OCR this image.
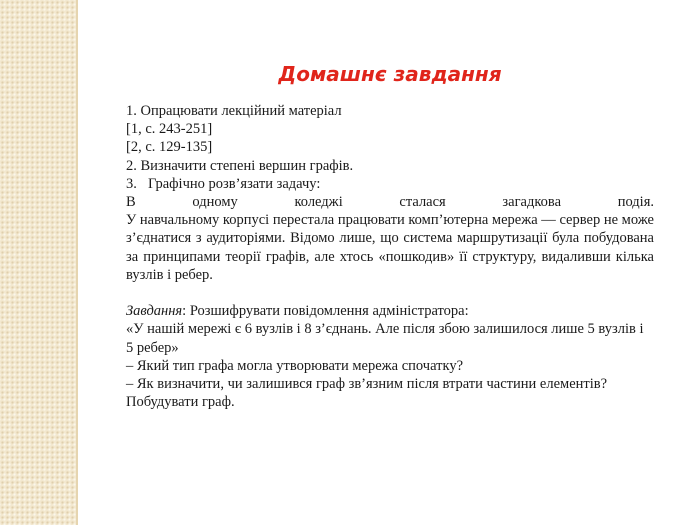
Домашнє завдання

1. Опрацювати лекційний матеріал

[1, с. 243-251]

[2, с. 129-135]

2. Визначити степені вершин графів.

3. Графічно розв’язати задачу:

В одному коледжі сталася загадкова подія.

У навчальному корпусі перестала працювати комп’ютерна мережа — сервер не може з’єднатися з аудиторіями. Відомо лише, що система маршрутизації була побудована за принципами теорії графів, але хтось «пошкодив» її структуру, видаливши кілька вузлів і ребер.

Завдання: Розшифрувати повідомлення адміністратора:

«У нашій мережі є 6 вузлів і 8 з’єднань. Але після збою залишилося лише 5 вузлів і 5 ребер»

– Який тип графа могла утворювати мережа спочатку?

– Як визначити, чи залишився граф зв’язним після втрати частини елементів?

Побудувати граф.
